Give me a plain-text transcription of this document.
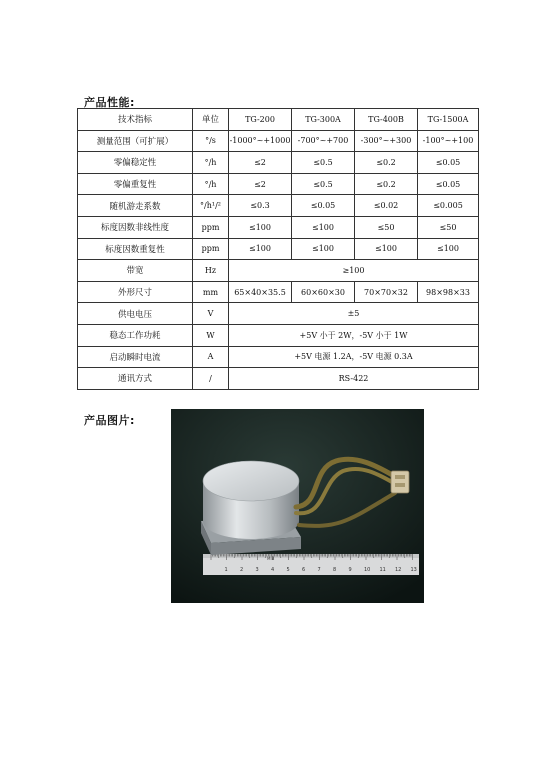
产品性能:
技术指标	单位	TG-200	TG-300A	TG-400B	TG-1500A
测量范围（可扩展）	°/s	-1000°~+1000	-700°~+700	-300°~+300	-100°~+100
零偏稳定性	°/h	≤2	≤0.5	≤0.2	≤0.05
零偏重复性	°/h	≤2	≤0.5	≤0.2	≤0.05
随机游走系数	°/h¹/²	≤0.3	≤0.05	≤0.02	≤0.005
标度因数非线性度	ppm	≤100	≤100	≤50	≤50
标度因数重复性	ppm	≤100	≤100	≤100	≤100
带宽	Hz	≥100			
外形尺寸	mm	65×40×35.5	60×60×30	70×70×32	98×98×33
供电电压	V	±5			
稳态工作功耗	W	+5V 小于 2W，-5V 小于 1W			
启动瞬时电流	A	+5V 电源 1.2A，-5V 电源 0.3A			
通讯方式	/	RS-422			
产品图片:
1 2 3 4 5 6 7 8 9 10 11 12 13
MIB
